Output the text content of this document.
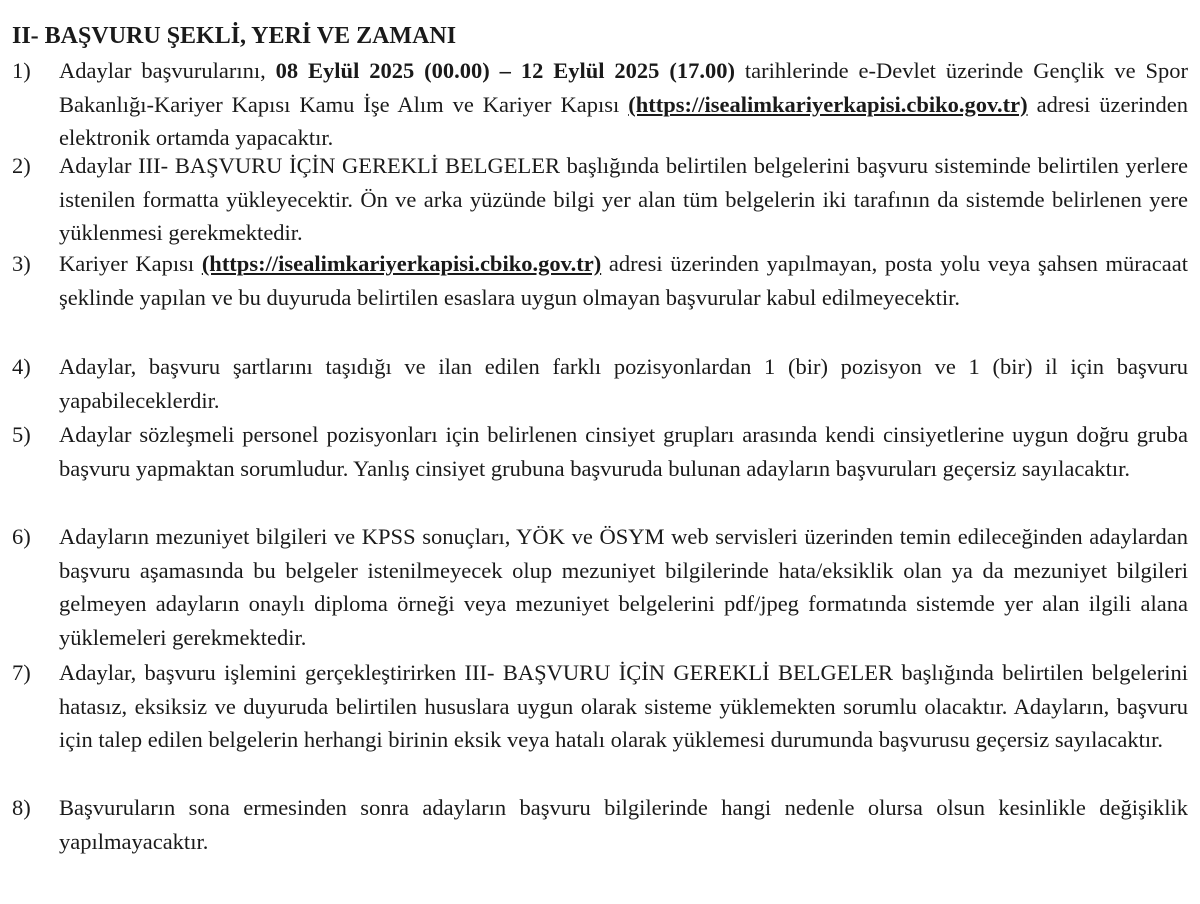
II- BAŞVURU ŞEKLİ, YERİ VE ZAMANI
1)	Adaylar başvurularını, 08 Eylül 2025 (00.00) – 12 Eylül 2025 (17.00) tarihlerinde e-Devlet üzerinde Gençlik ve Spor Bakanlığı-Kariyer Kapısı Kamu İşe Alım ve Kariyer Kapısı (https://isealimkariyerkapisi.cbiko.gov.tr) adresi üzerinden elektronik ortamda yapacaktır.
2)	Adaylar III- BAŞVURU İÇİN GEREKLİ BELGELER başlığında belirtilen belgelerini başvuru sisteminde belirtilen yerlere istenilen formatta yükleyecektir. Ön ve arka yüzünde bilgi yer alan tüm belgelerin iki tarafının da sistemde belirlenen yere yüklenmesi gerekmektedir.
3)	Kariyer Kapısı (https://isealimkariyerkapisi.cbiko.gov.tr) adresi üzerinden yapılmayan, posta yolu veya şahsen müracaat şeklinde yapılan ve bu duyuruda belirtilen esaslara uygun olmayan başvurular kabul edilmeyecektir.
4)	Adaylar, başvuru şartlarını taşıdığı ve ilan edilen farklı pozisyonlardan 1 (bir) pozisyon ve 1 (bir) il için başvuru yapabileceklerdir.
5)	Adaylar sözleşmeli personel pozisyonları için belirlenen cinsiyet grupları arasında kendi cinsiyetlerine uygun doğru gruba başvuru yapmaktan sorumludur. Yanlış cinsiyet grubuna başvuruda bulunan adayların başvuruları geçersiz sayılacaktır.
6)	Adayların mezuniyet bilgileri ve KPSS sonuçları, YÖK ve ÖSYM web servisleri üzerinden temin edileceğinden adaylardan başvuru aşamasında bu belgeler istenilmeyecek olup mezuniyet bilgilerinde hata/eksiklik olan ya da mezuniyet bilgileri gelmeyen adayların onaylı diploma örneği veya mezuniyet belgelerini pdf/jpeg formatında sistemde yer alan ilgili alana yüklemeleri gerekmektedir.
7)	Adaylar, başvuru işlemini gerçekleştirirken III- BAŞVURU İÇİN GEREKLİ BELGELER başlığında belirtilen belgelerini hatasız, eksiksiz ve duyuruda belirtilen hususlara uygun olarak sisteme yüklemekten sorumlu olacaktır. Adayların, başvuru için talep edilen belgelerin herhangi birinin eksik veya hatalı olarak yüklemesi durumunda başvurusu geçersiz sayılacaktır.
8)	Başvuruların sona ermesinden sonra adayların başvuru bilgilerinde hangi nedenle olursa olsun kesinlikle değişiklik yapılmayacaktır.
